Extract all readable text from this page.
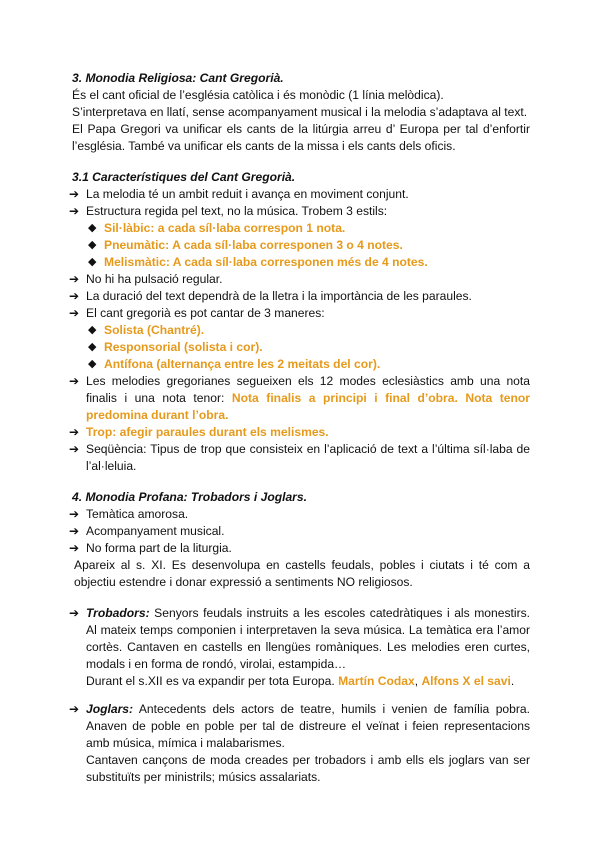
3. Monodia Religiosa: Cant Gregorià.

És el cant oficial de l’església catòlica i és monòdic (1 línia melòdica).

S’interpretava en llatí, sense acompanyament musical i la melodia s’adaptava al text.

El Papa Gregori va unificar els cants de la litúrgia arreu d’ Europa per tal d’enfortir l’església. També va unificar els cants de la missa i els cants dels oficis.

3.1 Característiques del Cant Gregorià.

➔ La melodia té un ambit reduit i avança en moviment conjunt.
➔ Estructura regida pel text, no la música. Trobem 3 estils:
◆ Sil·làbic: a cada síl·laba correspon 1 nota.
◆ Pneumàtic: A cada síl·laba corresponen 3 o 4 notes.
◆ Melismàtic: A cada síl·laba corresponen més de 4 notes.
➔ No hi ha pulsació regular.
➔ La duració del text dependrà de la lletra i la importància de les paraules.
➔ El cant gregorià es pot cantar de 3 maneres:
◆ Solista (Chantré).
◆ Responsorial (solista i cor).
◆ Antífona (alternança entre les 2 meitats del cor).
➔ Les melodies gregorianes segueixen els 12 modes eclesiàstics amb una nota finalis i una nota tenor: Nota finalis a principi i final d’obra. Nota tenor predomina durant l’obra.
➔ Trop: afegir paraules durant els melismes.
➔ Seqüència: Tipus de trop que consisteix en l’aplicació de text a l’última síl·laba de l’al·leluia.

4. Monodia Profana: Trobadors i Joglars.

➔ Temàtica amorosa.
➔ Acompanyament musical.
➔ No forma part de la liturgia.

Apareix al s. XI. Es desenvolupa en castells feudals, pobles i ciutats i té com a objectiu estendre i donar expressió a sentiments NO religiosos.

➔ Trobadors: Senyors feudals instruits a les escoles catedràtiques i als monestirs. Al mateix temps componien i interpretaven la seva música. La temàtica era l’amor cortès. Cantaven en castells en llengües romàniques. Les melodies eren curtes, modals i en forma de rondó, virolai, estampida…
Durant el s.XII es va expandir per tota Europa. Martín Codax, Alfons X el savi.
➔ Joglars: Antecedents dels actors de teatre, humils i venien de família pobra. Anaven de poble en poble per tal de distreure el veïnat i feien representacions amb música, mímica i malabarismes.
Cantaven cançons de moda creades per trobadors i amb ells els joglars van ser substituïts per ministrils; músics assalariats.
